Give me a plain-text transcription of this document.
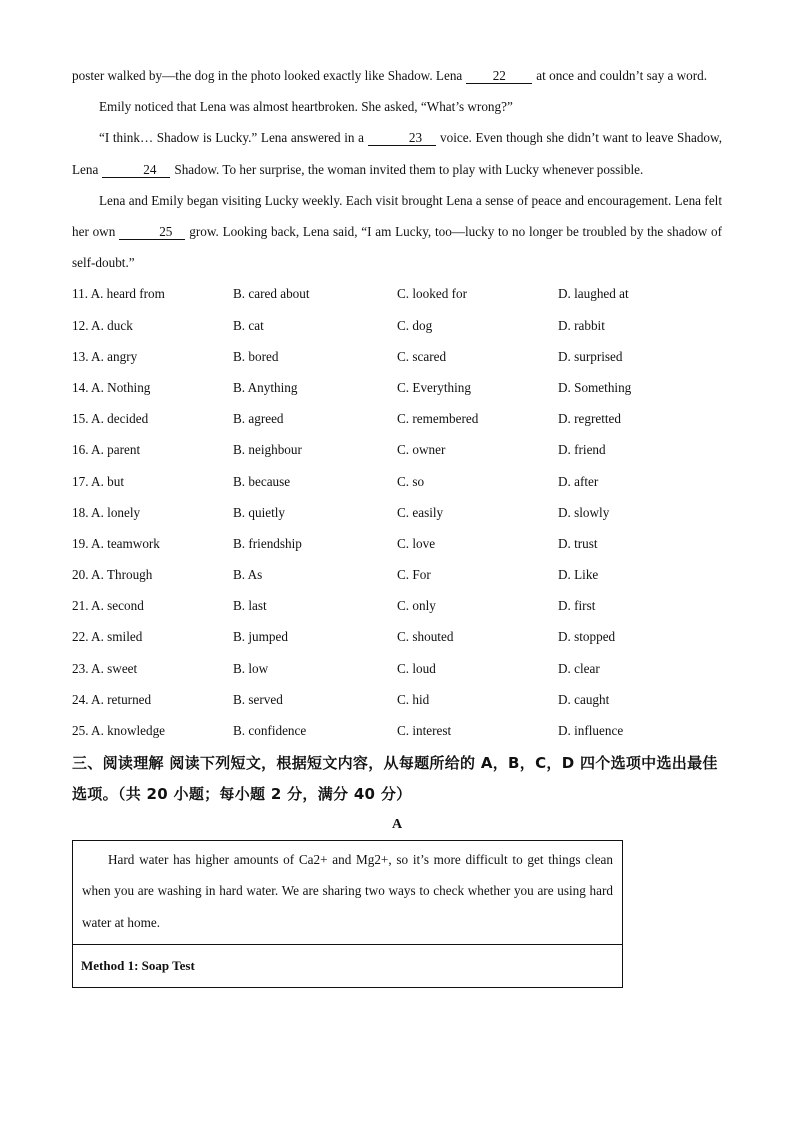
poster walked by—the dog in the photo looked exactly like Shadow. Lena 22 at once and couldn’t say a word.

Emily noticed that Lena was almost heartbroken. She asked, “What’s wrong?”

“I think… Shadow is Lucky.” Lena answered in a	23 voice. Even though she didn’t want to leave Shadow, Lena	24 Shadow. To her surprise, the woman invited them to play with Lucky whenever possible.

Lena and Emily began visiting Lucky weekly. Each visit brought Lena a sense of peace and encouragement. Lena felt her own	25 grow. Looking back, Lena said, “I am Lucky, too—lucky to no longer be troubled by the shadow of self-doubt.”

11. A. heard from	B. cared about	C. looked for	D. laughed at
12. A. duck	B. cat	C. dog	D. rabbit
13. A. angry	B. bored	C. scared	D. surprised
14. A. Nothing	B. Anything	C. Everything	D. Something
15. A. decided	B. agreed	C. remembered	D. regretted
16. A. parent	B. neighbour	C. owner	D. friend
17. A. but	B. because	C. so	D. after
18. A. lonely	B. quietly	C. easily	D. slowly
19. A. teamwork	B. friendship	C. love	D. trust
20. A. Through	B. As	C. For	D. Like
21. A. second	B. last	C. only	D. first
22. A. smiled	B. jumped	C. shouted	D. stopped
23. A. sweet	B. low	C. loud	D. clear
24. A. returned	B. served	C. hid	D. caught
25. A. knowledge	B. confidence	C. interest	D. influence
三、阅读理解 阅读下列短文，根据短文内容，从每题所给的 A，B，C，D 四个选项中选出最佳选项。（共 20 小题；每小题 2 分，满分 40 分）
A
Hard water has higher amounts of Ca2+ and Mg2+, so it’s more difficult to get things clean when you are washing in hard water. We are sharing two ways to check whether you are using hard water at home.
Method 1: Soap Test
